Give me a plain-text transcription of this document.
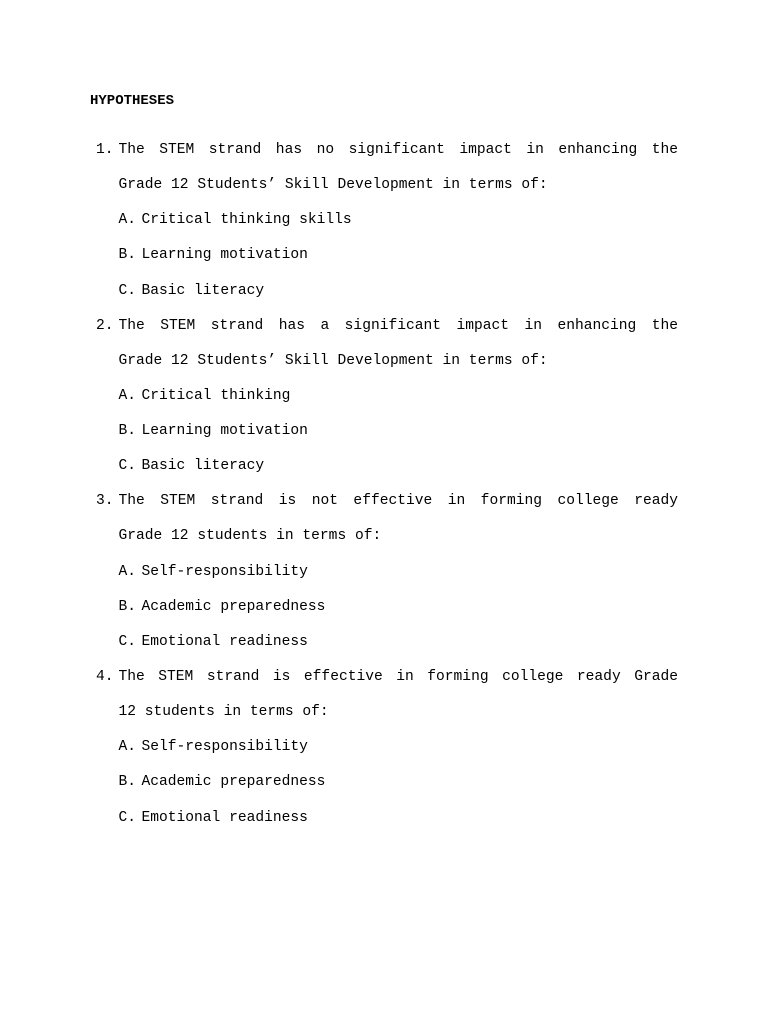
HYPOTHESES
1. The STEM strand has no significant impact in enhancing the
Grade 12 Students’ Skill Development in terms of:
A. Critical thinking skills
B. Learning motivation
C. Basic literacy
2. The STEM strand has a significant impact in enhancing the
Grade 12 Students’ Skill Development in terms of:
A. Critical thinking
B. Learning motivation
C. Basic literacy
3. The STEM strand is not effective in forming college ready
Grade 12 students in terms of:
A. Self-responsibility
B. Academic preparedness
C. Emotional readiness
4. The STEM strand is effective in forming college ready Grade
12 students in terms of:
A. Self-responsibility
B. Academic preparedness
C. Emotional readiness
